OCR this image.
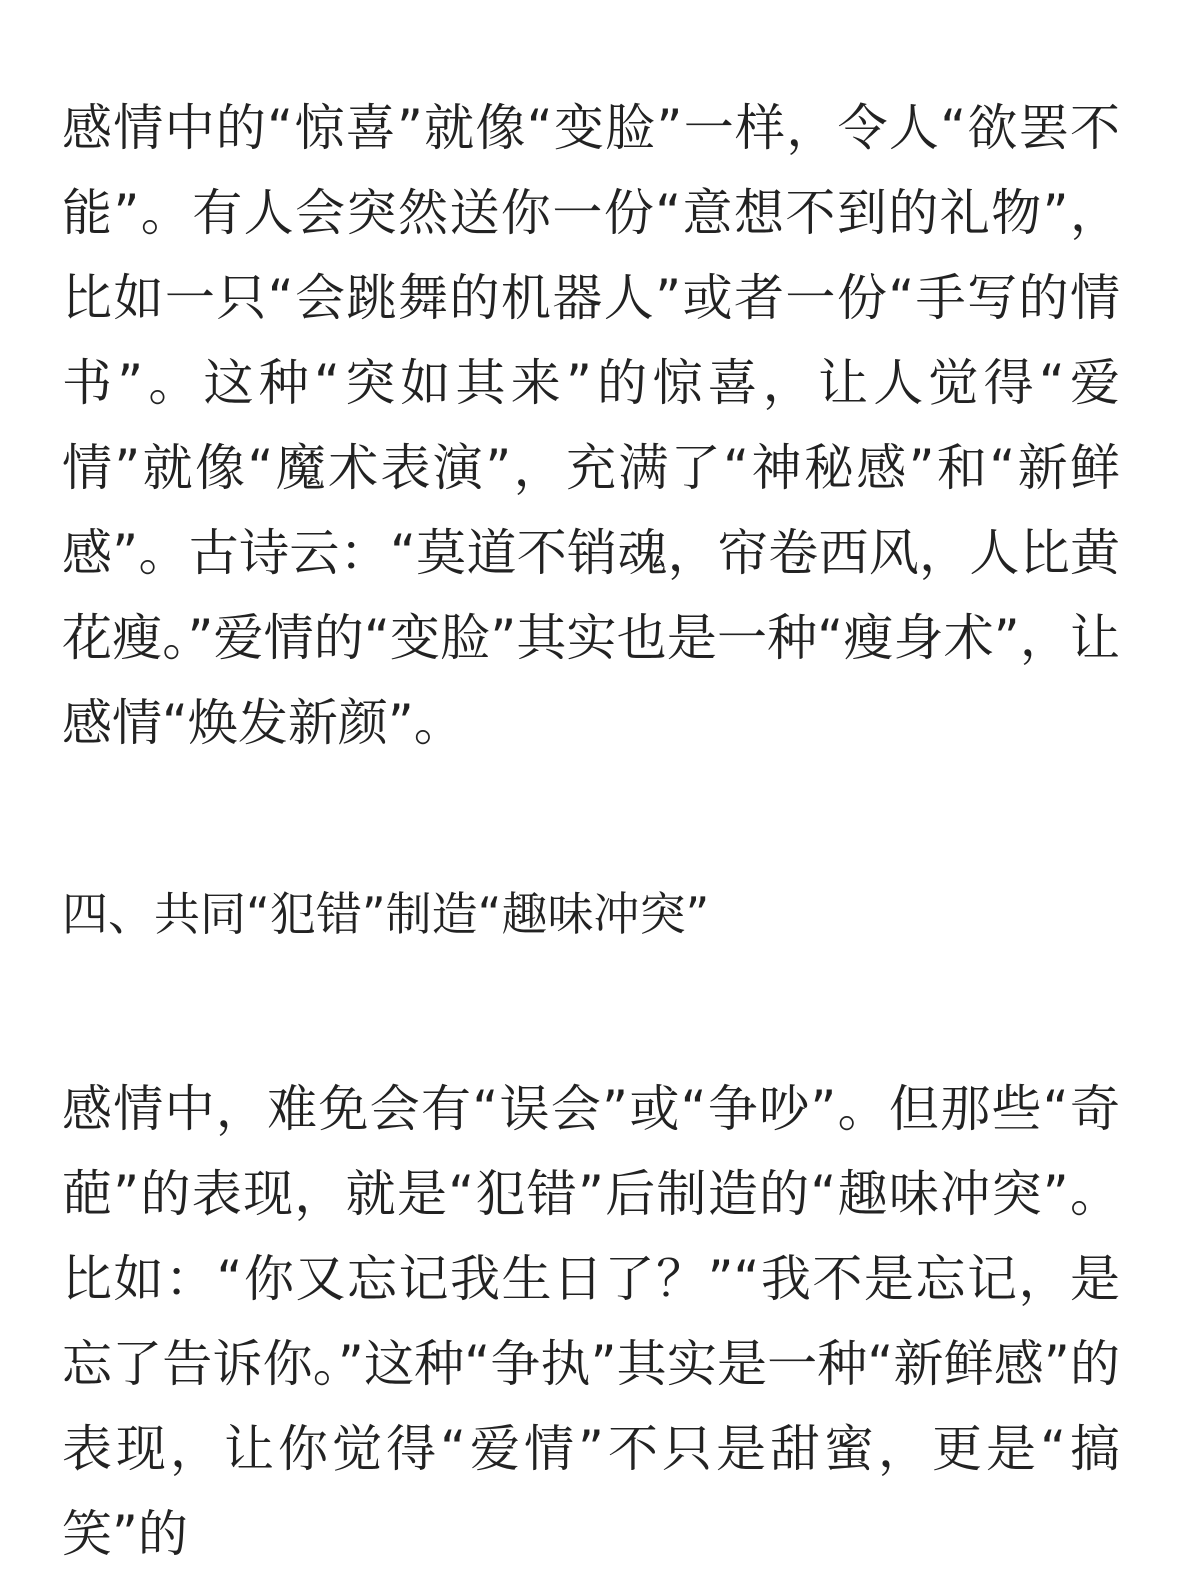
感情中的“惊喜”就像“变脸”一样，令人“欲罢不能”。有人会突然送你一份“意想不到的礼物”，比如一只“会跳舞的机器人”或者一份“手写的情书”。这种“突如其来”的惊喜，让人觉得“爱情”就像“魔术表演”，充满了“神秘感”和“新鲜感”。古诗云：“莫道不销魂，帘卷西风，人比黄花瘦。”爱情的“变脸”其实也是一种“瘦身术”，让感情“焕发新颜”。

四、共同“犯错”制造“趣味冲突”

感情中，难免会有“误会”或“争吵”。但那些“奇葩”的表现，就是“犯错”后制造的“趣味冲突”。比如：“你又忘记我生日了？”“我不是忘记，是忘了告诉你。”这种“争执”其实是一种“新鲜感”的表现，让你觉得“爱情”不只是甜蜜，更是“搞笑”的
